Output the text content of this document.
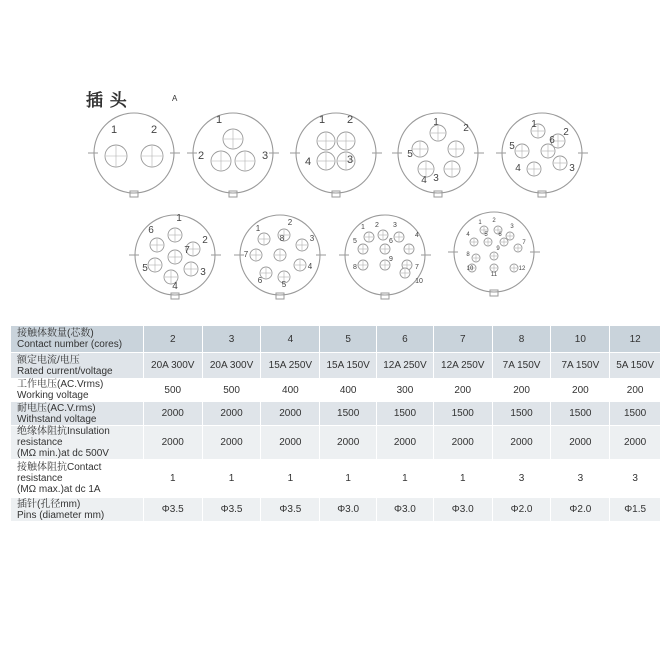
插 头	A
1	2
1
2	3
1 2
3
4
1
2
3
4
5
1
2
3
4
5
6
1
2
3
4
5
6
7
1
2
3
4
5
6
7
8
1 2 3
4
5	6
7
8
9
10
1 2
3
4 5 6
7
8
9
10
11
12
接触体数量(芯数)
Contact number (cores)	2	3	4	5	6	7	8	10	12

额定电流/电压
Rated current/voltage	20A 300V	20A 300V	15A 250V	15A 150V	12A 250V	12A 250V	7A 150V	7A 150V	5A 150V

工作电压(AC.Vrms)
Working voltage	500	500	400	400	300	200	200	200	200

耐电压(AC.V.rms)
Withstand voltage	2000	2000	2000	1500	1500	1500	1500	1500	1500

绝缘体阻抗Insulation resistance
(MΩ min.)at dc 500V	2000	2000	2000	2000	2000	2000	2000	2000	2000

接触体阻抗Contact resistance
(MΩ max.)at dc 1A	1	1	1	1	1	1	3	3	3

插针(孔径mm)
Pins (diameter mm)	Φ3.5	Φ3.5	Φ3.5	Φ3.0	Φ3.0	Φ3.0	Φ2.0	Φ2.0	Φ1.5
